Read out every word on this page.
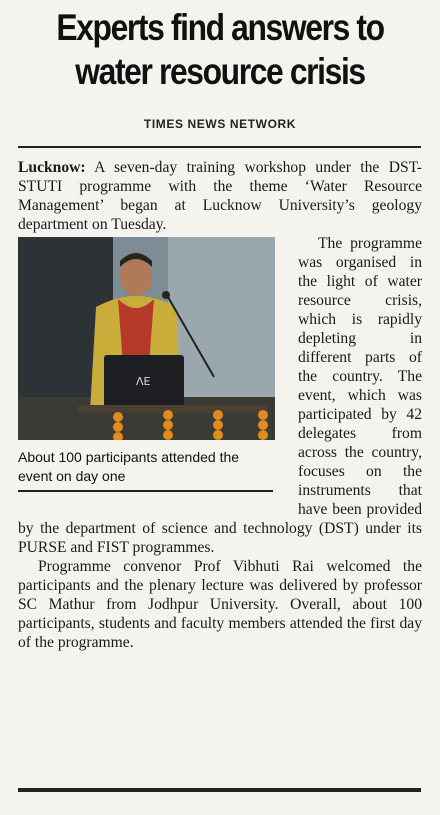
Experts find answers to
water resource crisis
TIMES NEWS NETWORK

Lucknow: A seven-day training workshop under the DST-STUTI programme with the theme ‘Water Resource Management’ began at Lucknow University’s geology department on Tuesday.

ΛE
About 100 participants attended the event on day one

The programme was organised in the light of water resource crisis, which is rapidly depleting in different parts of the country. The event, which was participated by 42 delegates from across the country, focuses on the instruments that have been provided by the department of science and technology (DST) under its PURSE and FIST programmes.

Programme convenor Prof Vibhuti Rai welcomed the participants and the plenary lecture was delivered by professor SC Mathur from Jodhpur University. Overall, about 100 participants, students and faculty members attended the first day of the programme.
